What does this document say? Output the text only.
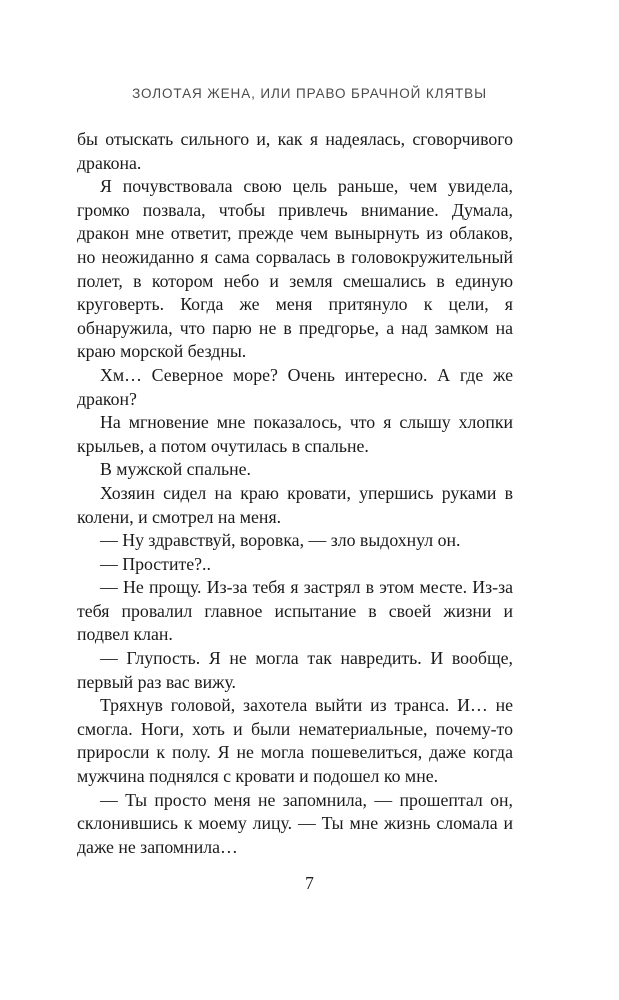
ЗОЛОТАЯ ЖЕНА, ИЛИ ПРАВО БРАЧНОЙ КЛЯТВЫ

бы отыскать сильного и, как я надеялась, сговорчивого дракона.

Я почувствовала свою цель раньше, чем увидела, громко позвала, чтобы привлечь внимание. Думала, дракон мне ответит, прежде чем вынырнуть из облаков, но неожиданно я сама сорвалась в головокружительный полет, в котором небо и земля смешались в единую круговерть. Когда же меня притянуло к цели, я обнаружила, что парю не в предгорье, а над замком на краю морской бездны.

Хм… Северное море? Очень интересно. А где же дракон?

На мгновение мне показалось, что я слышу хлопки крыльев, а потом очутилась в спальне.

В мужской спальне.

Хозяин сидел на краю кровати, упершись руками в колени, и смотрел на меня.

— Ну здравствуй, воровка, — зло выдохнул он.

— Простите?..

— Не прощу. Из-за тебя я застрял в этом месте. Из-за тебя провалил главное испытание в своей жизни и подвел клан.

— Глупость. Я не могла так навредить. И вообще, первый раз вас вижу.

Тряхнув головой, захотела выйти из транса. И… не смогла. Ноги, хоть и были нематериальные, почему-то приросли к полу. Я не могла пошевелиться, даже когда мужчина поднялся с кровати и подошел ко мне.

— Ты просто меня не запомнила, — прошептал он, склонившись к моему лицу. — Ты мне жизнь сломала и даже не запомнила…

7
